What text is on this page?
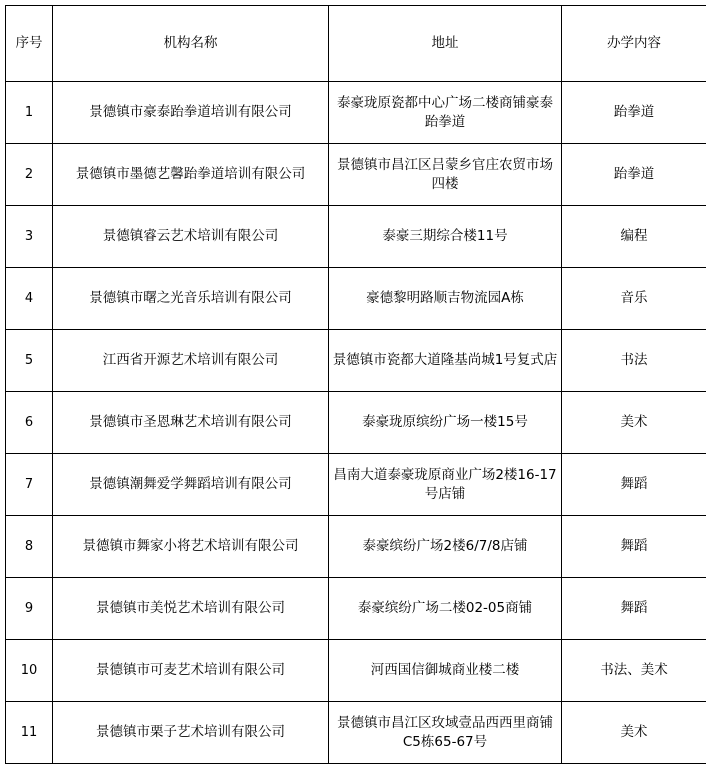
序号	机构名称	地址	办学内容
1	景德镇市豪泰跆拳道培训有限公司	泰豪珑原瓷都中心广场二楼商铺豪泰跆拳道	跆拳道
2	景德镇市墨德艺馨跆拳道培训有限公司	景德镇市昌江区吕蒙乡官庄农贸市场四楼	跆拳道
3	景德镇睿云艺术培训有限公司	泰豪三期综合楼11号	编程
4	景德镇市曙之光音乐培训有限公司	豪德黎明路顺吉物流园A栋	音乐
5	江西省开源艺术培训有限公司	景德镇市瓷都大道隆基尚城1号复式店	书法
6	景德镇市圣恩琳艺术培训有限公司	泰豪珑原缤纷广场一楼15号	美术
7	景德镇潮舞爱学舞蹈培训有限公司	昌南大道泰豪珑原商业广场2楼16-17号店铺	舞蹈
8	景德镇市舞家小将艺术培训有限公司	泰豪缤纷广场2楼6/7/8店铺	舞蹈
9	景德镇市美悦艺术培训有限公司	泰豪缤纷广场二楼02-05商铺	舞蹈
10	景德镇市可麦艺术培训有限公司	河西国信御城商业楼二楼	书法、美术
11	景德镇市栗子艺术培训有限公司	景德镇市昌江区玫域壹品西西里商铺C5栋65-67号	美术
